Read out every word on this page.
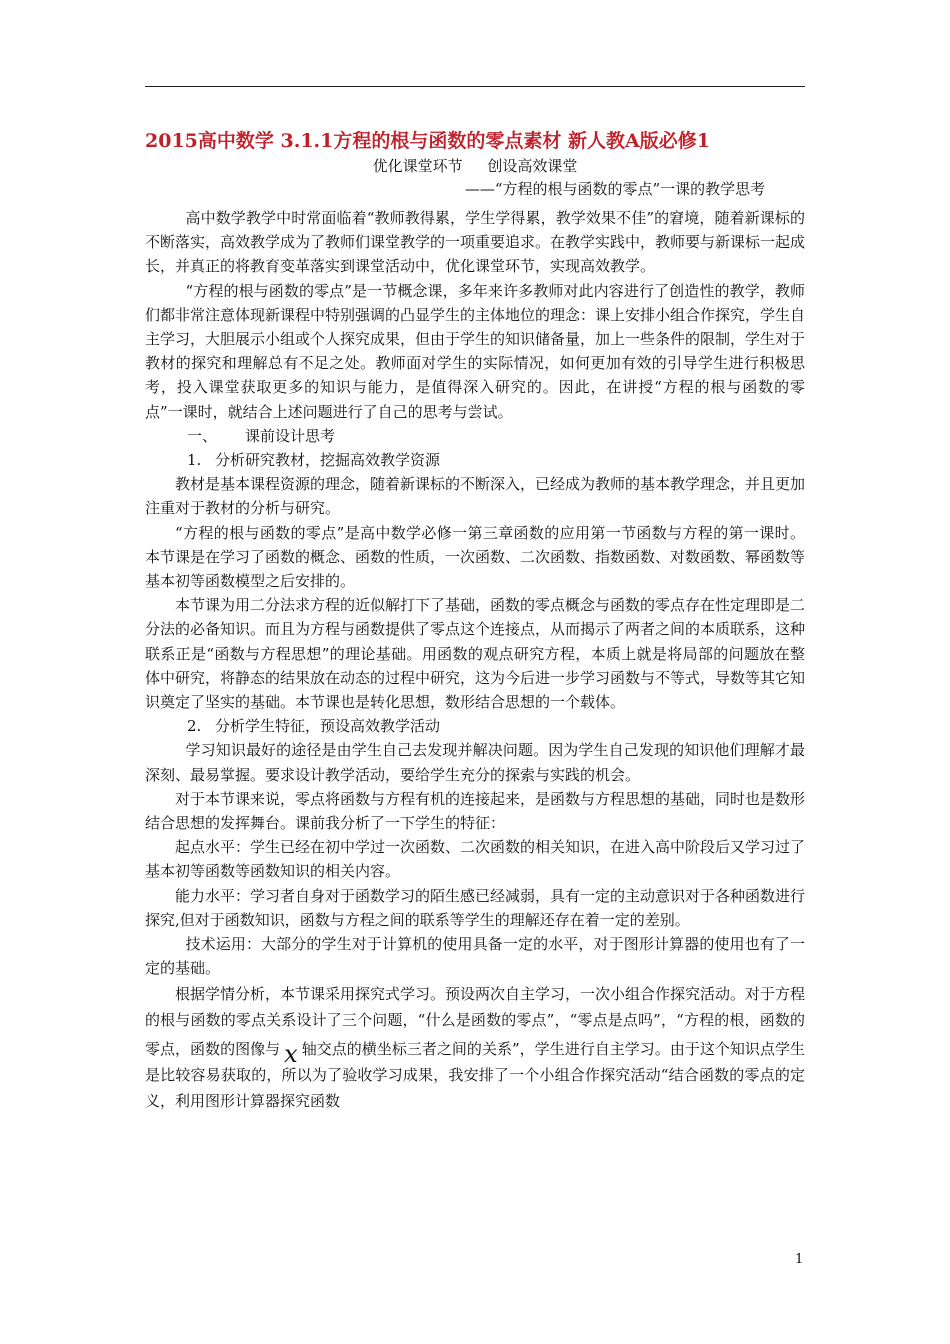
2015高中数学 3.1.1方程的根与函数的零点素材 新人教A版必修1
优化课堂环节 创设高效课堂
——“方程的根与函数的零点”一课的教学思考

高中数学教学中时常面临着“教师教得累，学生学得累，教学效果不佳”的窘境，随着新课标的不断落实，高效教学成为了教师们课堂教学的一项重要追求。在教学实践中，教师要与新课标一起成长，并真正的将教育变革落实到课堂活动中，优化课堂环节，实现高效教学。

“方程的根与函数的零点”是一节概念课，多年来许多教师对此内容进行了创造性的教学，教师们都非常注意体现新课程中特别强调的凸显学生的主体地位的理念：课上安排小组合作探究，学生自主学习，大胆展示小组或个人探究成果，但由于学生的知识储备量，加上一些条件的限制，学生对于教材的探究和理解总有不足之处。教师面对学生的实际情况，如何更加有效的引导学生进行积极思考，投入课堂获取更多的知识与能力，是值得深入研究的。因此，在讲授“方程的根与函数的零点”一课时，就结合上述问题进行了自己的思考与尝试。

一、 课前设计思考

1. 分析研究教材，挖掘高效教学资源

教材是基本课程资源的理念，随着新课标的不断深入，已经成为教师的基本教学理念，并且更加注重对于教材的分析与研究。

“方程的根与函数的零点”是高中数学必修一第三章函数的应用第一节函数与方程的第一课时。本节课是在学习了函数的概念、函数的性质，一次函数、二次函数、指数函数、对数函数、幂函数等基本初等函数模型之后安排的。

本节课为用二分法求方程的近似解打下了基础，函数的零点概念与函数的零点存在性定理即是二分法的必备知识。而且为方程与函数提供了零点这个连接点，从而揭示了两者之间的本质联系，这种联系正是“函数与方程思想”的理论基础。用函数的观点研究方程，本质上就是将局部的问题放在整体中研究，将静态的结果放在动态的过程中研究，这为今后进一步学习函数与不等式，导数等其它知识奠定了坚实的基础。本节课也是转化思想，数形结合思想的一个载体。

2. 分析学生特征，预设高效教学活动

学习知识最好的途径是由学生自己去发现并解决问题。因为学生自己发现的知识他们理解才最深刻、最易掌握。要求设计教学活动，要给学生充分的探索与实践的机会。

对于本节课来说，零点将函数与方程有机的连接起来，是函数与方程思想的基础，同时也是数形结合思想的发挥舞台。课前我分析了一下学生的特征：

起点水平：学生已经在初中学过一次函数、二次函数的相关知识，在进入高中阶段后又学习过了基本初等函数等函数知识的相关内容。

能力水平：学习者自身对于函数学习的陌生感已经减弱，具有一定的主动意识对于各种函数进行探究,但对于函数知识，函数与方程之间的联系等学生的理解还存在着一定的差别。

技术运用：大部分的学生对于计算机的使用具备一定的水平，对于图形计算器的使用也有了一定的基础。

根据学情分析，本节课采用探究式学习。预设两次自主学习，一次小组合作探究活动。对于方程的根与函数的零点关系设计了三个问题，“什么是函数的零点”，“零点是点吗”，“方程的根，函数的零点，函数的图像与 x 轴交点的横坐标三者之间的关系”，学生进行自主学习。由于这个知识点学生是比较容易获取的，所以为了验收学习成果，我安排了一个小组合作探究活动“结合函数的零点的定义，利用图形计算器探究函数

1
